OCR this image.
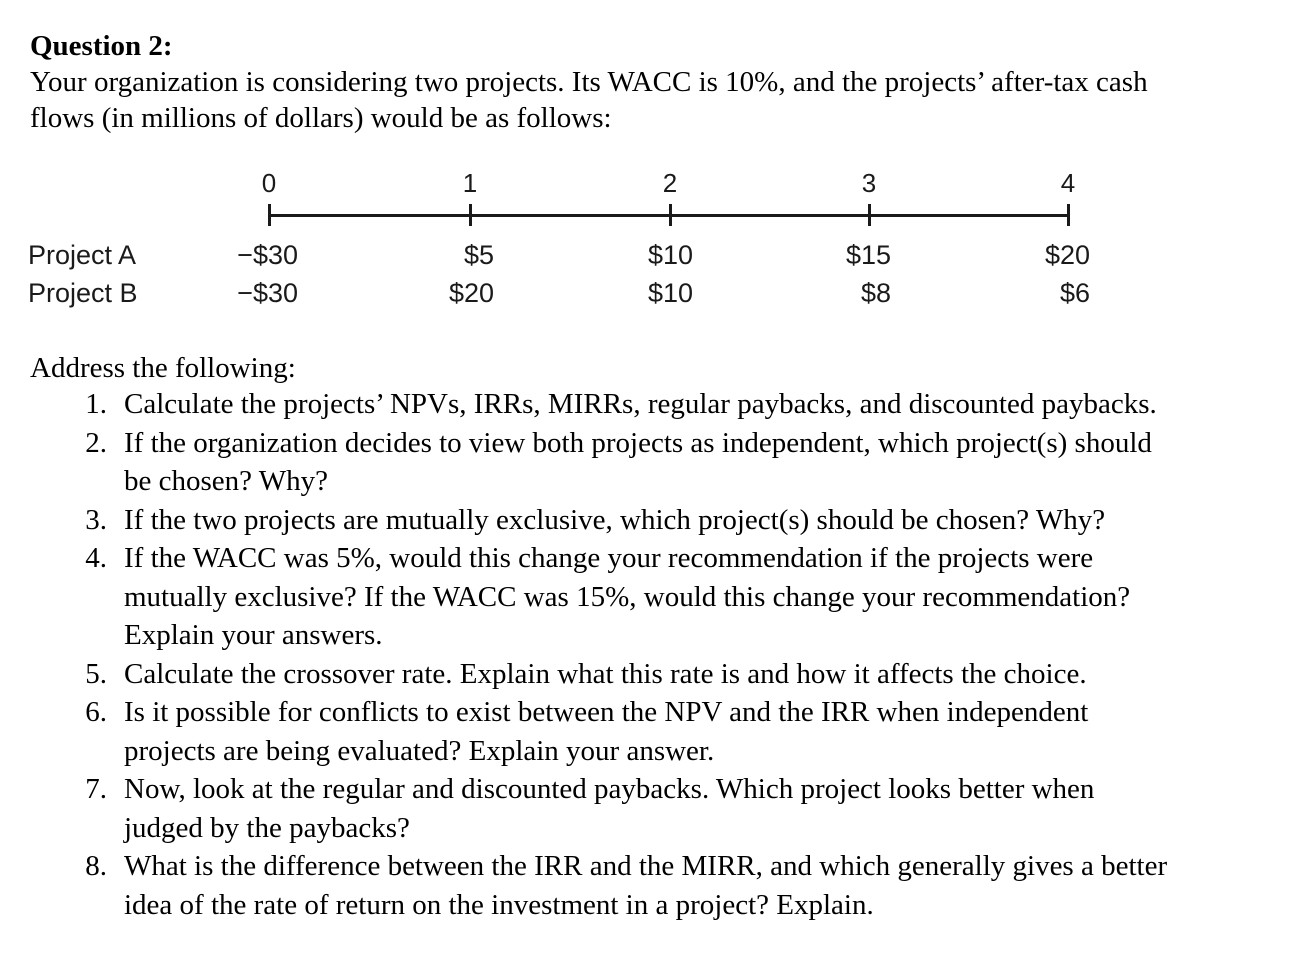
Question 2:
Your organization is considering two projects. Its WACC is 10%, and the projects’ after-tax cash
flows (in millions of dollars) would be as follows:
0	1	2	3	4
Project A	−$30	$5	$10	$15	$20
Project B	−$30	$20	$10	$8	$6
Address the following:
1. Calculate the projects’ NPVs, IRRs, MIRRs, regular paybacks, and discounted paybacks.
2. If the organization decides to view both projects as independent, which project(s) should
be chosen? Why?
3. If the two projects are mutually exclusive, which project(s) should be chosen? Why?
4. If the WACC was 5%, would this change your recommendation if the projects were
mutually exclusive? If the WACC was 15%, would this change your recommendation?
Explain your answers.
5. Calculate the crossover rate. Explain what this rate is and how it affects the choice.
6. Is it possible for conflicts to exist between the NPV and the IRR when independent
projects are being evaluated? Explain your answer.
7. Now, look at the regular and discounted paybacks. Which project looks better when
judged by the paybacks?
8. What is the difference between the IRR and the MIRR, and which generally gives a better
idea of the rate of return on the investment in a project? Explain.
